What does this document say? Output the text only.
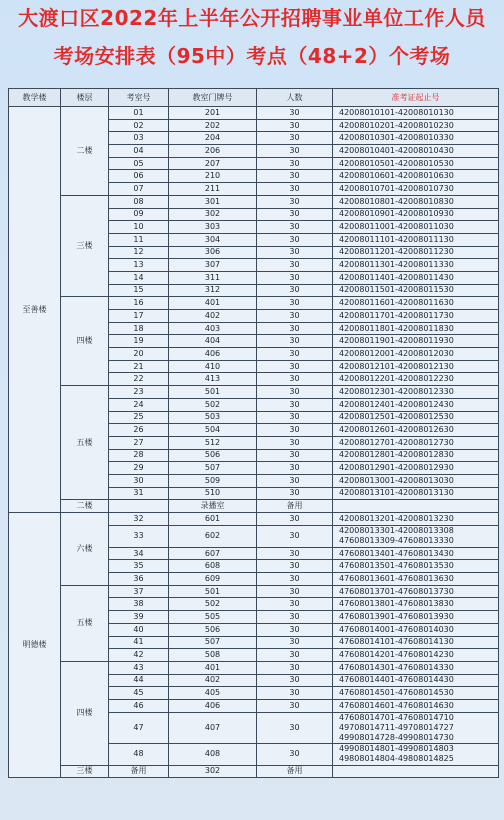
大渡口区2022年上半年公开招聘事业单位工作人员
考场安排表（95中）考点（48+2）个考场
教学楼	楼层	考室号	教室门牌号	人数	准考证起止号
至善楼	二楼	01	201	30	42008010101-42008010130

		02	202	30	42008010201-42008010230

		03	204	30	42008010301-42008010330

		04	206	30	42008010401-42008010430

		05	207	30	42008010501-42008010530

		06	210	30	42008010601-42008010630

		07	211	30	42008010701-42008010730

	三楼	08	301	30	42008010801-42008010830

		09	302	30	42008010901-42008010930

		10	303	30	42008011001-42008011030

		11	304	30	42008011101-42008011130

		12	306	30	42008011201-42008011230

		13	307	30	42008011301-42008011330

		14	311	30	42008011401-42008011430

		15	312	30	42008011501-42008011530

	四楼	16	401	30	42008011601-42008011630

		17	402	30	42008011701-42008011730

		18	403	30	42008011801-42008011830

		19	404	30	42008011901-42008011930

		20	406	30	42008012001-42008012030

		21	410	30	42008012101-42008012130

		22	413	30	42008012201-42008012230

	五楼	23	501	30	42008012301-42008012330

		24	502	30	42008012401-42008012430

		25	503	30	42008012501-42008012530

		26	504	30	42008012601-42008012630

		27	512	30	42008012701-42008012730

		28	506	30	42008012801-42008012830

		29	507	30	42008012901-42008012930

		30	509	30	42008013001-42008013030

		31	510	30	42008013101-42008013130

	二楼		录播室	备用	

明德楼	六楼	32	601	30	42008013201-42008013230

		33	602	30	42008013301-42008013308
47608013309-47608013330

		34	607	30	47608013401-47608013430

		35	608	30	47608013501-47608013530

		36	609	30	47608013601-47608013630

	五楼	37	501	30	47608013701-47608013730

		38	502	30	47608013801-47608013830

		39	505	30	47608013901-47608013930

		40	506	30	47608014001-47608014030

		41	507	30	47608014101-47608014130

		42	508	30	47608014201-47608014230

	四楼	43	401	30	47608014301-47608014330

		44	402	30	47608014401-47608014430

		45	405	30	47608014501-47608014530

		46	406	30	47608014601-47608014630

		47	407	30	47608014701-47608014710
49708014711-49708014727
49908014728-49908014730

		48	408	30	49908014801-49908014803
49808014804-49808014825

	三楼	备用	302	备用	
